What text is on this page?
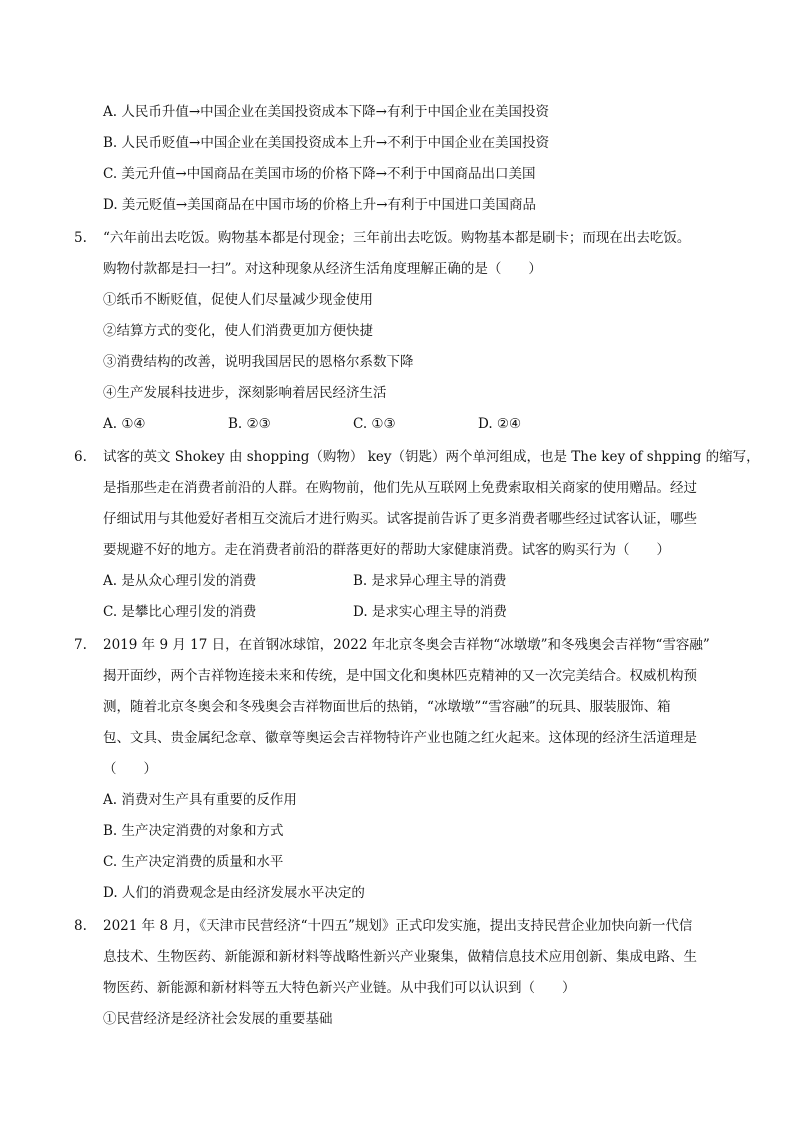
A. 人民币升值→中国企业在美国投资成本下降→有利于中国企业在美国投资
B. 人民币贬值→中国企业在美国投资成本上升→不利于中国企业在美国投资
C. 美元升值→中国商品在美国市场的价格下降→不利于中国商品出口美国
D. 美元贬值→美国商品在中国市场的价格上升→有利于中国进口美国商品
5. “六年前出去吃饭。购物基本都是付现金；三年前出去吃饭。购物基本都是刷卡；而现在出去吃饭。
购物付款都是扫一扫”。对这种现象从经济生活角度理解正确的是（　　）
①纸币不断贬值，促使人们尽量减少现金使用
②结算方式的变化，使人们消费更加方便快捷
③消费结构的改善，说明我国居民的恩格尔系数下降
④生产发展科技进步，深刻影响着居民经济生活
A. ①④	B. ②③	C. ①③	D. ②④
6. 试客的英文 Shokey 由 shopping（购物） key（钥匙）两个单河组成，也是 The key of shpping 的缩写，
是指那些走在消费者前沿的人群。在购物前，他们先从互联网上免费索取相关商家的使用赠品。经过
仔细试用与其他爱好者相互交流后才进行购买。试客提前告诉了更多消费者哪些经过试客认证，哪些
要规避不好的地方。走在消费者前沿的群落更好的帮助大家健康消费。试客的购买行为（　　）
A. 是从众心理引发的消费	B. 是求异心理主导的消费
C. 是攀比心理引发的消费	D. 是求实心理主导的消费
7. 2019 年 9 月 17 日，在首钢冰球馆，2022 年北京冬奥会吉祥物“冰墩墩”和冬残奥会吉祥物“雪容融”
揭开面纱，两个吉祥物连接未来和传统，是中国文化和奥林匹克精神的又一次完美结合。权威机构预
测，随着北京冬奥会和冬残奥会吉祥物面世后的热销，“冰墩墩”“雪容融”的玩具、服装服饰、箱
包、文具、贵金属纪念章、徽章等奥运会吉祥物特许产业也随之红火起来。这体现的经济生活道理是
（　　）
A. 消费对生产具有重要的反作用
B. 生产决定消费的对象和方式
C. 生产决定消费的质量和水平
D. 人们的消费观念是由经济发展水平决定的
8. 2021 年 8 月，《天津市民营经济“十四五”规划》正式印发实施，提出支持民营企业加快向新一代信
息技术、生物医药、新能源和新材料等战略性新兴产业聚集，做精信息技术应用创新、集成电路、生
物医药、新能源和新材料等五大特色新兴产业链。从中我们可以认识到（　　）
①民营经济是经济社会发展的重要基础
